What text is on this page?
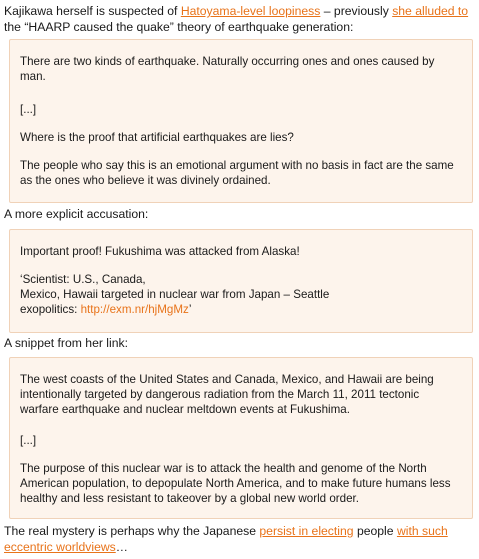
Kajikawa herself is suspected of Hatoyama-level loopiness – previously she alluded to the “HAARP caused the quake” theory of earthquake generation:

There are two kinds of earthquake. Naturally occurring ones and ones caused by man.

[...]

Where is the proof that artificial earthquakes are lies?

The people who say this is an emotional argument with no basis in fact are the same as the ones who believe it was divinely ordained.

A more explicit accusation:

Important proof! Fukushima was attacked from Alaska!

‘Scientist: U.S., Canada,
Mexico, Hawaii targeted in nuclear war from Japan – Seattle
exopolitics: http://exm.nr/hjMgMz’

A snippet from her link:

The west coasts of the United States and Canada, Mexico, and Hawaii are being intentionally targeted by dangerous radiation from the March 11, 2011 tectonic warfare earthquake and nuclear meltdown events at Fukushima.

[...]

The purpose of this nuclear war is to attack the health and genome of the North American population, to depopulate North America, and to make future humans less healthy and less resistant to takeover by a global new world order.

The real mystery is perhaps why the Japanese persist in electing people with such eccentric worldviews…
